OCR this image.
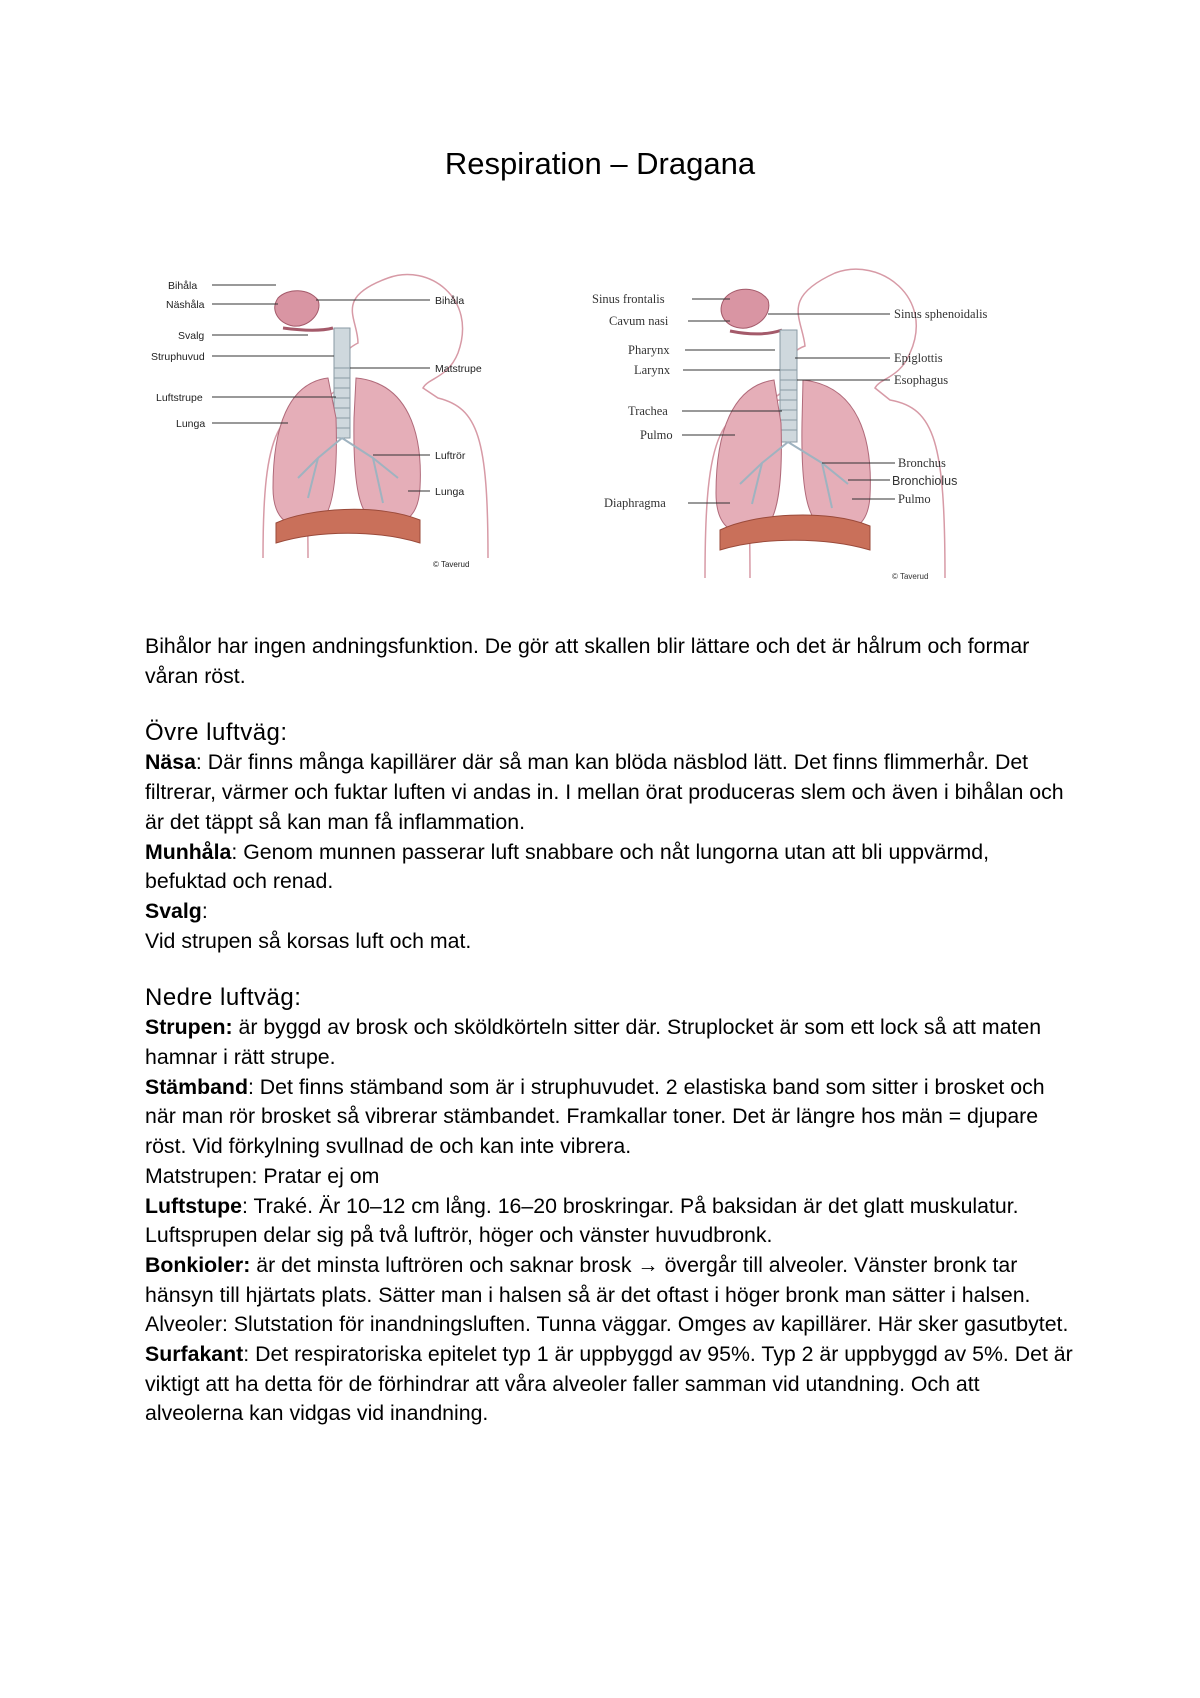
Respiration – Dragana
Bihåla
Näshåla
Svalg
Struphuvud
Luftstrupe
Lunga
Bihåla
Matstrupe
Luftrör
Lunga
© Taverud
Sinus frontalis
Cavum nasi
Pharynx
Larynx
Trachea
Pulmo
Diaphragma
Sinus sphenoidalis
Epiglottis
Esophagus
Bronchus
Bronchiolus
Pulmo
© Taverud

Bihålor har ingen andningsfunktion. De gör att skallen blir lättare och det är hålrum och formar våran röst.

Övre luftväg:

Näsa: Där finns många kapillärer där så man kan blöda näsblod lätt. Det finns flimmerhår. Det filtrerar, värmer och fuktar luften vi andas in. I mellan örat produceras slem och även i bihålan och är det täppt så kan man få inflammation.

Munhåla: Genom munnen passerar luft snabbare och nåt lungorna utan att bli uppvärmd, befuktad och renad.

Svalg:

Vid strupen så korsas luft och mat.

Nedre luftväg:

Strupen: är byggd av brosk och sköldkörteln sitter där. Struplocket är som ett lock så att maten hamnar i rätt strupe.

Stämband: Det finns stämband som är i struphuvudet. 2 elastiska band som sitter i brosket och när man rör brosket så vibrerar stämbandet. Framkallar toner. Det är längre hos män = djupare röst. Vid förkylning svullnad de och kan inte vibrera.

Matstrupen: Pratar ej om

Luftstupe: Traké. Är 10–12 cm lång. 16–20 broskringar. På baksidan är det glatt muskulatur. Luftsprupen delar sig på två luftrör, höger och vänster huvudbronk.

Bonkioler: är det minsta luftrören och saknar brosk → övergår till alveoler. Vänster bronk tar hänsyn till hjärtats plats. Sätter man i halsen så är det oftast i höger bronk man sätter i halsen.

Alveoler: Slutstation för inandningsluften. Tunna väggar. Omges av kapillärer. Här sker gasutbytet.

Surfakant: Det respiratoriska epitelet typ 1 är uppbyggd av 95%. Typ 2 är uppbyggd av 5%. Det är viktigt att ha detta för de förhindrar att våra alveoler faller samman vid utandning. Och att alveolerna kan vidgas vid inandning.
